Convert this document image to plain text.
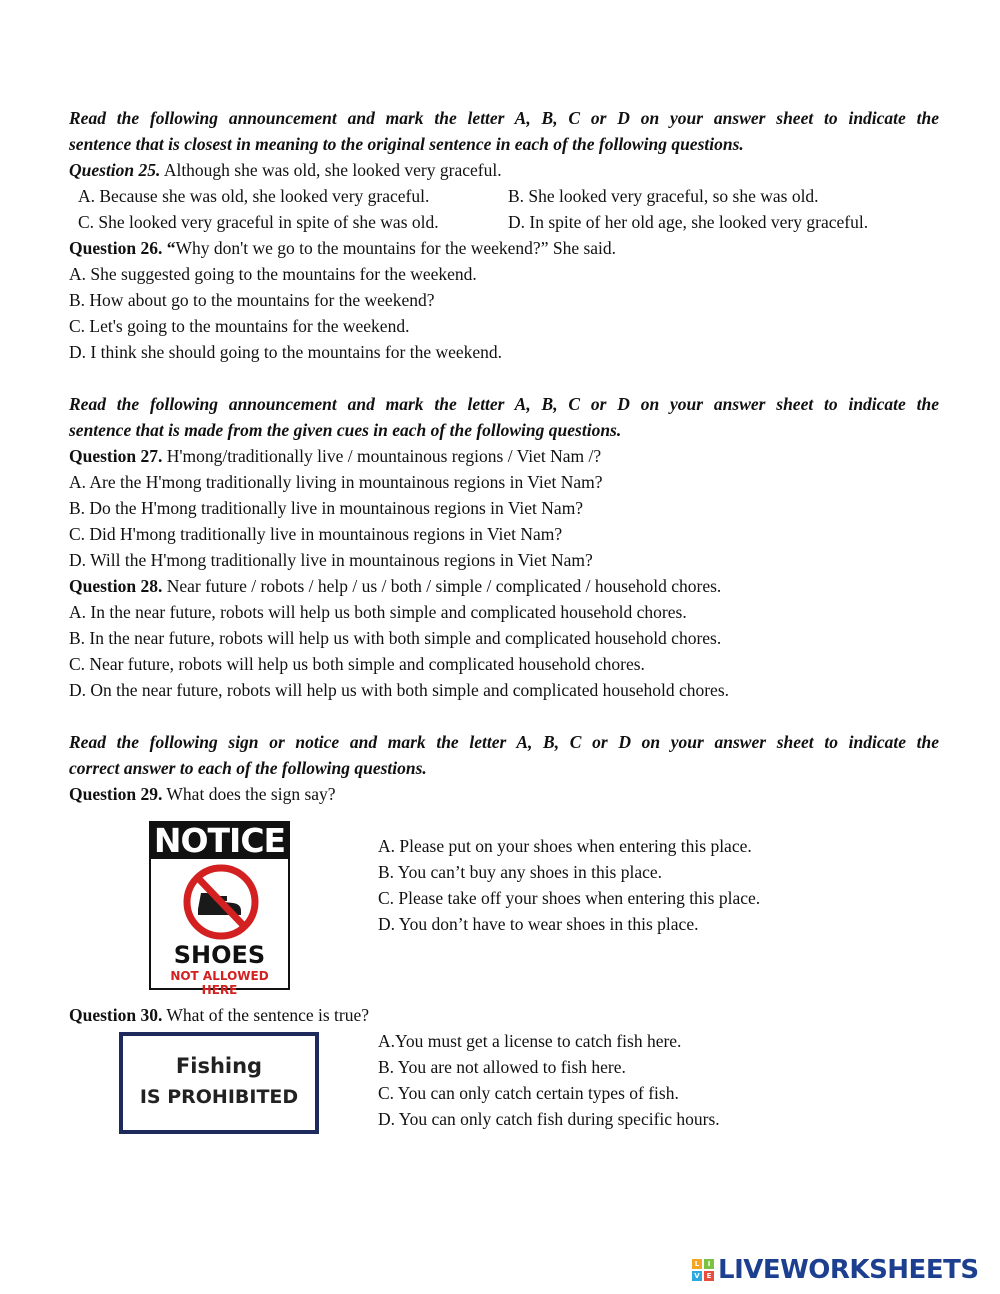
Read the following announcement and mark the letter A, B, C or D on your answer sheet to indicate the
sentence that is closest in meaning to the original sentence in each of the following questions.
Question 25. Although she was old, she looked very graceful.
A. Because she was old, she looked very graceful.	B. She looked very graceful, so she was old.
C. She looked very graceful in spite of she was old.	D. In spite of her old age, she looked very graceful.
Question 26. “Why don't we go to the mountains for the weekend?” She said.
A. She suggested going to the mountains for the weekend.
B. How about go to the mountains for the weekend?
C. Let's going to the mountains for the weekend.
D. I think she should going to the mountains for the weekend.
Read the following announcement and mark the letter A, B, C or D on your answer sheet to indicate the
sentence that is made from the given cues in each of the following questions.
Question 27. H'mong/traditionally live / mountainous regions / Viet Nam /?
A. Are the H'mong traditionally living in mountainous regions in Viet Nam?
B. Do the H'mong traditionally live in mountainous regions in Viet Nam?
C. Did H'mong traditionally live in mountainous regions in Viet Nam?
D. Will the H'mong traditionally live in mountainous regions in Viet Nam?
Question 28. Near future / robots / help / us / both / simple / complicated / household chores.
A. In the near future, robots will help us both simple and complicated household chores.
B. In the near future, robots will help us with both simple and complicated household chores.
C. Near future, robots will help us both simple and complicated household chores.
D. On the near future, robots will help us with both simple and complicated household chores.
Read the following sign or notice and mark the letter A, B, C or D on your answer sheet to indicate the
correct answer to each of the following questions.
Question 29. What does the sign say?
NOTICE
SHOES
NOT ALLOWED HERE
A. Please put on your shoes when entering this place.
B. You can’t buy any shoes in this place.
C. Please take off your shoes when entering this place.
D. You don’t have to wear shoes in this place.
Question 30. What of the sentence is true?
Fishing
IS PROHIBITED
A.You must get a license to catch fish here.
B. You are not allowed to fish here.
C. You can only catch certain types of fish.
D. You can only catch fish during specific hours.
L	I
V E LIVEWORKSHEETS
